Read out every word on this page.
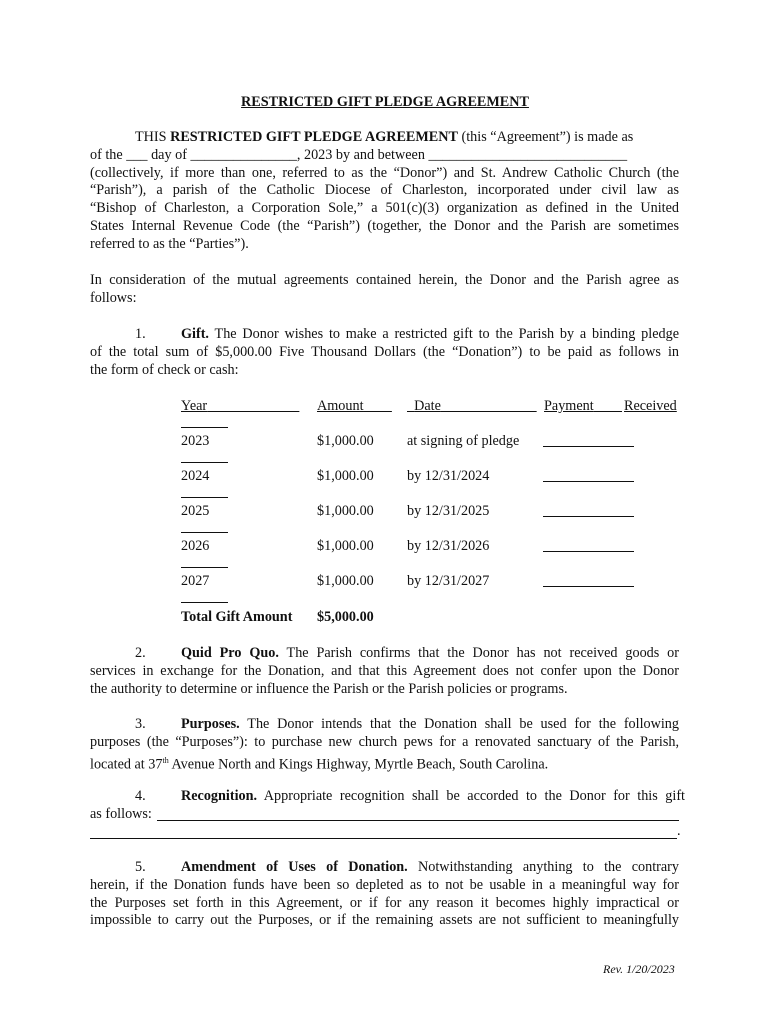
RESTRICTED GIFT PLEDGE AGREEMENT
THIS RESTRICTED GIFT PLEDGE AGREEMENT (this “Agreement”) is made as
of the ___ day of _______________, 2023 by and between ____________________________
(collectively, if more than one, referred to as the “Donor”) and St. Andrew Catholic Church (the
“Parish”), a parish of the Catholic Diocese of Charleston, incorporated under civil law as
“Bishop of Charleston, a Corporation Sole,” a 501(c)(3) organization as defined in the United
States Internal Revenue Code (the “Parish”) (together, the Donor and the Parish are sometimes
referred to as the “Parties”).
In consideration of the mutual agreements contained herein, the Donor and the Parish agree as
follows:
1. Gift. The Donor wishes to make a restricted gift to the Parish by a binding pledge
of the total sum of $5,000.00 Five Thousand Dollars (the “Donation”) to be paid as follows in
the form of check or cash:
Year	Amount	Date	Payment	Received
2023	$1,000.00 at signing of pledge
2024	$1,000.00 by 12/31/2024
2025	$1,000.00 by 12/31/2025
2026	$1,000.00 by 12/31/2026
2027	$1,000.00 by 12/31/2027
Total Gift Amount $5,000.00
2. Quid Pro Quo. The Parish confirms that the Donor has not received goods or
services in exchange for the Donation, and that this Agreement does not confer upon the Donor
the authority to determine or influence the Parish or the Parish policies or programs.
3. Purposes. The Donor intends that the Donation shall be used for the following
purposes (the “Purposes”): to purchase new church pews for a renovated sanctuary of the Parish,
located at 37th Avenue North and Kings Highway, Myrtle Beach, South Carolina.
4. Recognition. Appropriate recognition shall be accorded to the Donor for this gift
as follows:
.
5. Amendment of Uses of Donation. Notwithstanding anything to the contrary
herein, if the Donation funds have been so depleted as to not be usable in a meaningful way for
the Purposes set forth in this Agreement, or if for any reason it becomes highly impractical or
impossible to carry out the Purposes, or if the remaining assets are not sufficient to meaningfully
Rev. 1/20/2023
